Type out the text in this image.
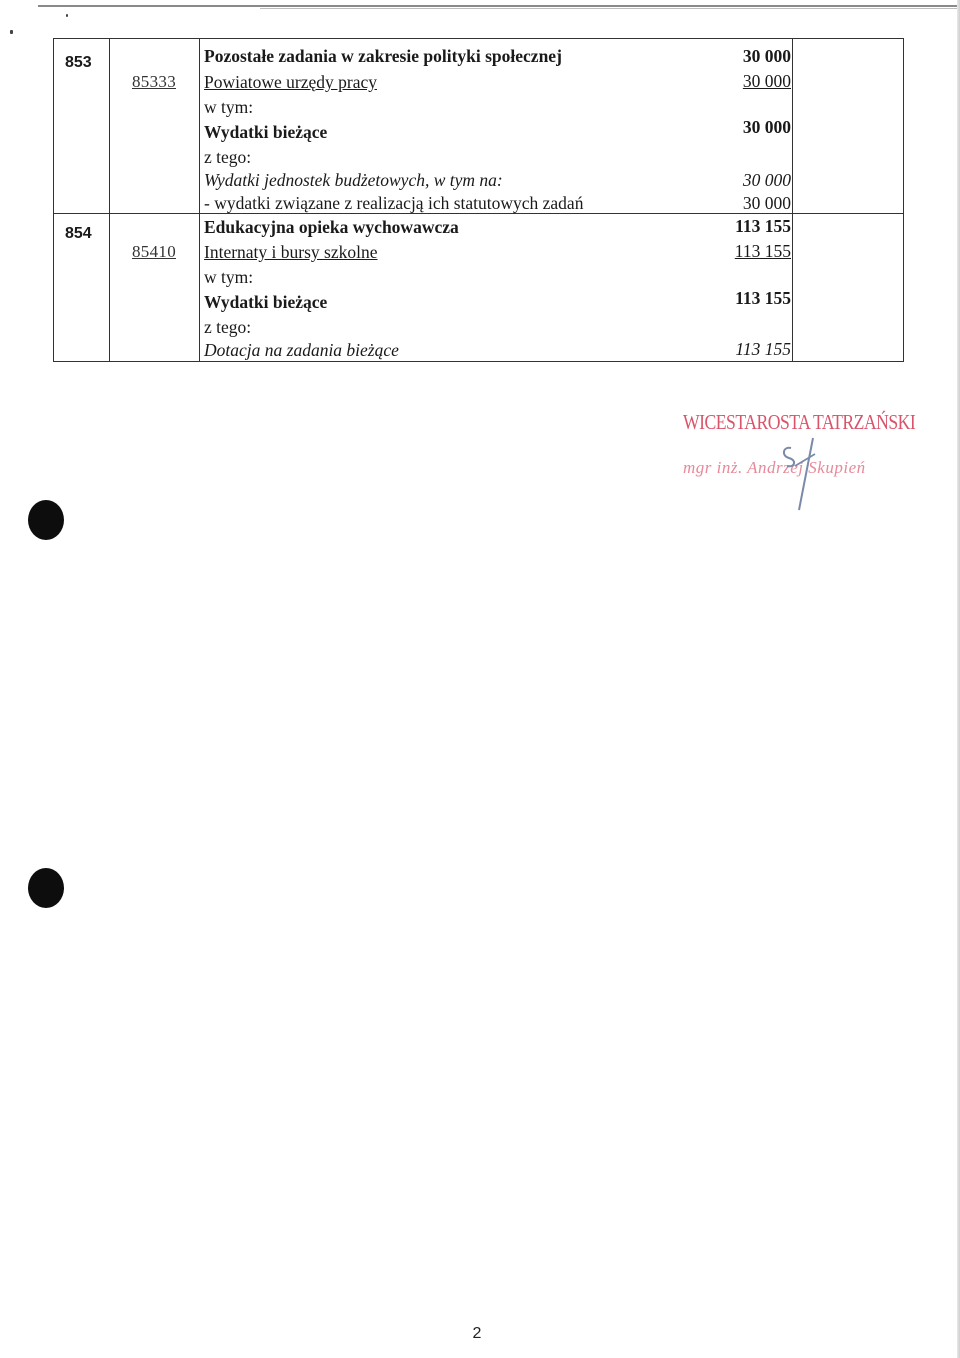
853	Pozostałe zadania w zakresie polityki społecznej	30 000
85333 Powiatowe urzędy pracy	30 000
w tym:
Wydatki bieżące	30 000
z tego:
Wydatki jednostek budżetowych, w tym na:	30 000
- wydatki związane z realizacją ich statutowych zadań	30 000
854	Edukacyjna opieka wychowawcza	113 155
85410 Internaty i bursy szkolne	113 155
w tym:
Wydatki bieżące	113 155
z tego:
Dotacja na zadania bieżące	113 155
WICESTAROSTA TATRZAŃSKI
mgr inż. Andrzej Skupień
2
